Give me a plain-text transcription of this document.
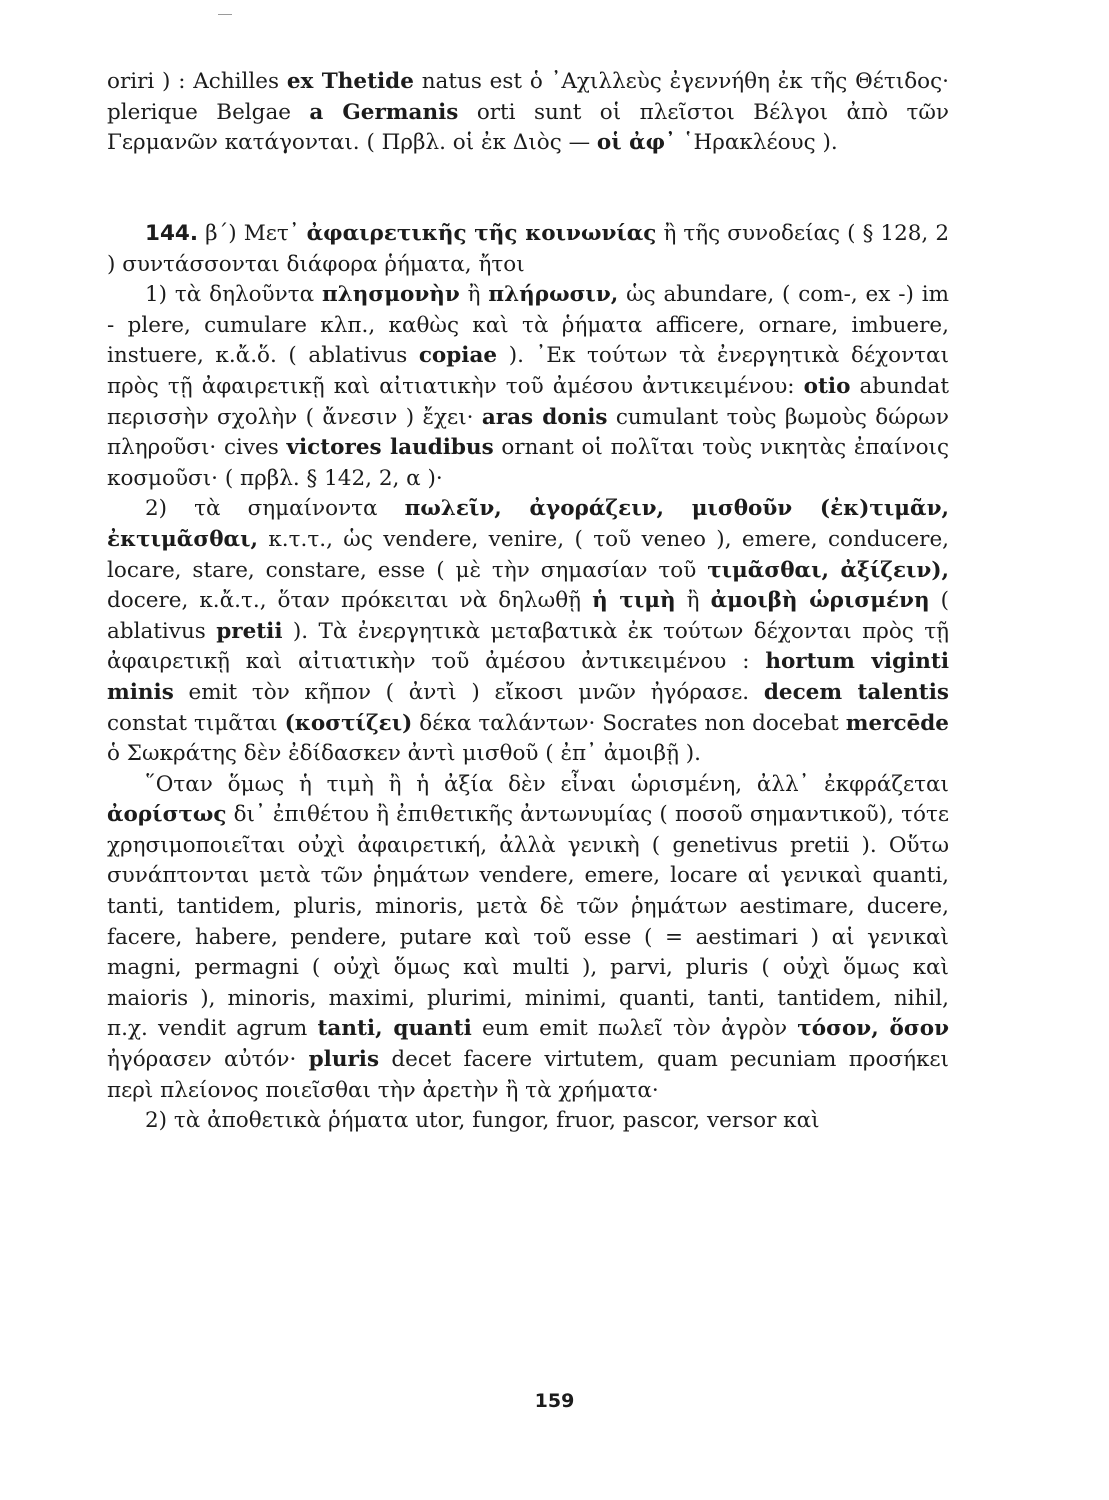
oriri ) : Achilles ex Thetide natus est ὁ ᾿Αχιλλεὺς ἐγεννήθη ἐκ τῆς Θέτιδος· plerique Belgae a Germanis orti sunt οἱ πλεῖστοι Βέλγοι ἀπὸ τῶν Γερμανῶν κατάγονται. ( Πρβλ. οἱ ἐκ Διὸς — οἱ ἀφ᾿ ῾Ηρακλέους ).

144. β΄) Μετ᾿ ἀφαιρετικῆς τῆς κοινωνίας ἢ τῆς συνοδείας ( § 128, 2 ) συντάσσονται διάφορα ῥήματα, ἤτοι

1) τὰ δηλοῦντα πλησμονὴν ἢ πλήρωσιν, ὡς abundare, ( com-, ex -) im - plere, cumulare κλπ., καθὼς καὶ τὰ ῥήματα afficere, ornare, imbuere, instuere, κ.ἄ.ὅ. ( ablativus copiae ). ᾿Εκ τούτων τὰ ἐνεργητικὰ δέχονται πρὸς τῇ ἀφαιρετικῇ καὶ αἰτιατικὴν τοῦ ἀμέσου ἀντικειμένου: otio abundat περισσὴν σχολὴν ( ἄνεσιν ) ἔχει· aras donis cumulant τοὺς βωμοὺς δώρων πληροῦσι· cives victores laudibus ornant οἱ πολῖται τοὺς νικητὰς ἐπαίνοις κοσμοῦσι· ( πρβλ. § 142, 2, α )·

2) τὰ σημαίνοντα πωλεῖν, ἀγοράζειν, μισθοῦν (ἐκ)τιμᾶν, ἐκτιμᾶσθαι, κ.τ.τ., ὡς vendere, venire, ( τοῦ veneo ), emere, conducere, locare, stare, constare, esse ( μὲ τὴν σημασίαν τοῦ τιμᾶσθαι, ἀξίζειν), docere, κ.ἄ.τ., ὅταν πρόκειται νὰ δηλωθῇ ἡ τιμὴ ἢ ἀμοιβὴ ὡρισμένη ( ablativus pretii ). Τὰ ἐνεργητικὰ μεταβατικὰ ἐκ τούτων δέχονται πρὸς τῇ ἀφαιρετικῇ καὶ αἰτιατικὴν τοῦ ἀμέσου ἀντικειμένου : hortum viginti minis emit τὸν κῆπον ( ἀντὶ ) εἴκοσι μνῶν ἠγόρασε. decem talentis constat τιμᾶται (κοστίζει) δέκα ταλάντων· Socrates non docebat mercēde ὁ Σωκράτης δὲν ἐδίδασκεν ἀντὶ μισθοῦ ( ἐπ᾿ ἀμοιβῇ ).

῞Οταν ὅμως ἡ τιμὴ ἢ ἡ ἀξία δὲν εἶναι ὡρισμένη, ἀλλ᾿ ἐκφράζεται ἀορίστως δι᾿ ἐπιθέτου ἢ ἐπιθετικῆς ἀντωνυμίας ( ποσοῦ σημαντικοῦ), τότε χρησιμοποιεῖται οὐχὶ ἀφαιρετική, ἀλλὰ γενικὴ ( genetivus pretii ). Οὕτω συνάπτονται μετὰ τῶν ῥημάτων vendere, emere, locare αἱ γενικαὶ quanti, tanti, tantidem, pluris, minoris, μετὰ δὲ τῶν ῥημάτων aestimare, ducere, facere, habere, pendere, putare καὶ τοῦ esse ( = aestimari ) αἱ γενικαὶ magni, permagni ( οὐχὶ ὅμως καὶ multi ), parvi, pluris ( οὐχὶ ὅμως καὶ maioris ), minoris, maximi, plurimi, minimi, quanti, tanti, tantidem, nihil, π.χ. vendit agrum tanti, quanti eum emit πωλεῖ τὸν ἀγρὸν τόσον, ὅσον ἠγόρασεν αὐτόν· pluris decet facere virtutem, quam pecuniam προσήκει περὶ πλείονος ποιεῖσθαι τὴν ἀρετὴν ἢ τὰ χρήματα·

2) τὰ ἀποθετικὰ ῥήματα utor, fungor, fruor, pascor, versor καὶ

159
